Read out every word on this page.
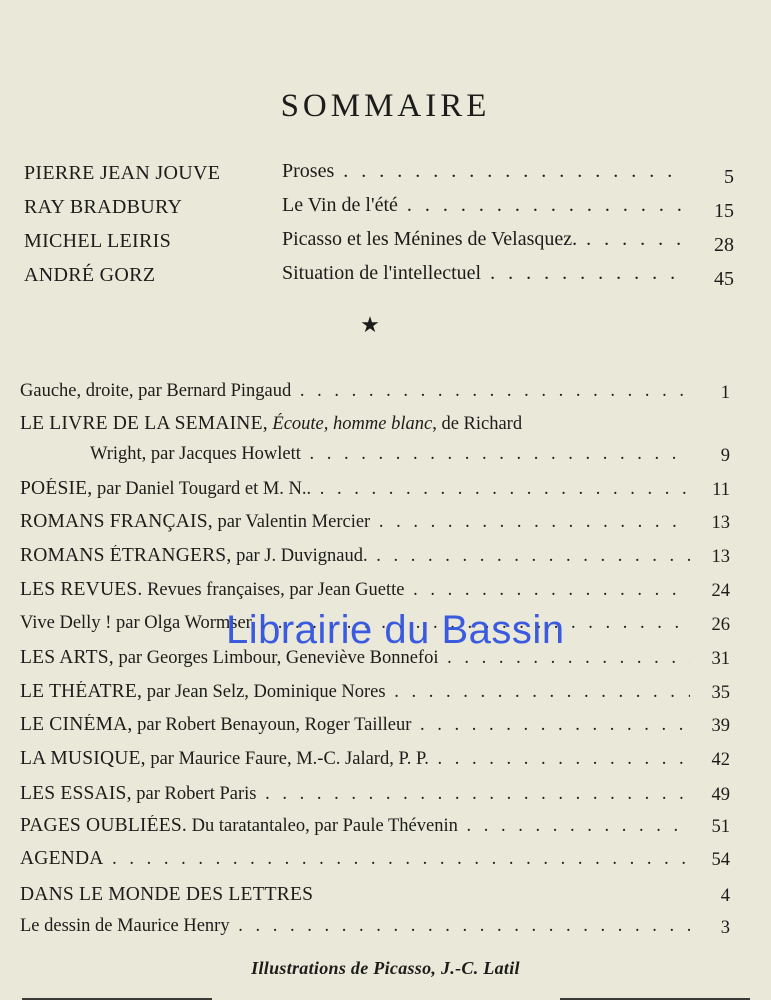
SOMMAIRE
PIERRE JEAN JOUVE	Proses . . .	5
RAY BRADBURY	Le Vin de l'été . . .	15
MICHEL LEIRIS	Picasso et les Ménines de Velasquez. . . .	28
ANDRÉ GORZ	Situation de l'intellectuel . . .	45
★
Gauche, droite, par Bernard Pingaud . . .	1
LE LIVRE DE LA SEMAINE, Écoute, homme blanc, de Richard
Wright, par Jacques Howlett . . .	9
POÉSIE, par Daniel Tougard et M. N.. . . .	11
ROMANS FRANÇAIS, par Valentin Mercier . . .	13
ROMANS ÉTRANGERS, par J. Duvignaud. . . .	13
LES REVUES. Revues françaises, par Jean Guette . . .	24
Vive Delly ! par Olga Wormser . . .	26
LES ARTS, par Georges Limbour, Geneviève Bonnefoi . . .	31
LE THÉATRE, par Jean Selz, Dominique Nores . . .	35
LE CINÉMA, par Robert Benayoun, Roger Tailleur . . .	39
LA MUSIQUE, par Maurice Faure, M.-C. Jalard, P. P. . . .	42
LES ESSAIS, par Robert Paris . . .	49
PAGES OUBLIÉES. Du taratantaleo, par Paule Thévenin . . .	51
AGENDA . . .	54
DANS LE MONDE DES LETTRES	4
Le dessin de Maurice Henry . . .	3
Illustrations de Picasso, J.-C. Latil
Librairie du Bassin
